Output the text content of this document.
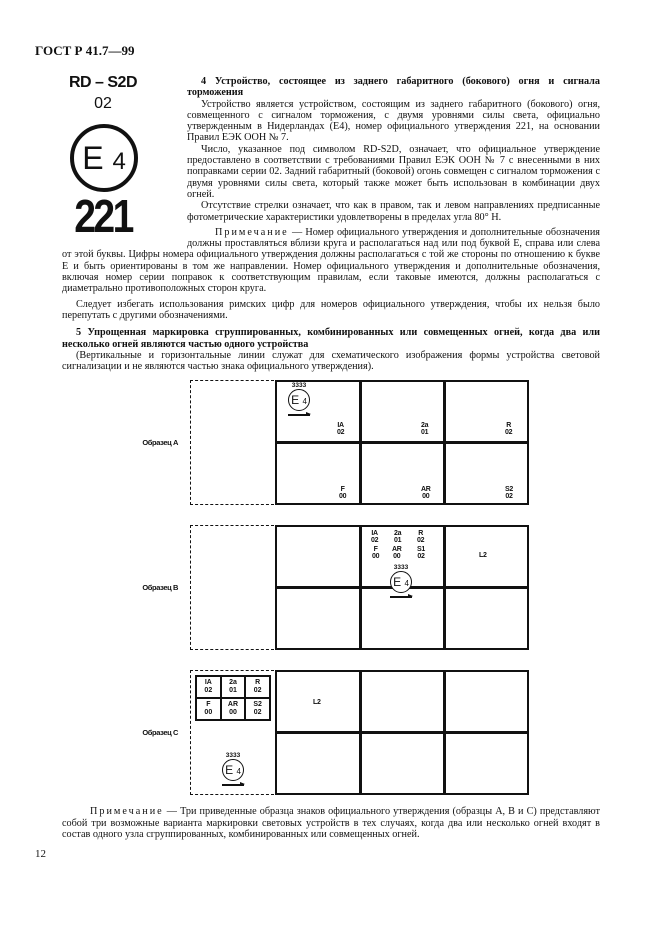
ГОСТ Р 41.7—99
RD – S2D
02
E 4
221
4 Устройство, состоящее из заднего габаритного (бокового) огня и сигнала торможения

Устройство является устройством, состоящим из заднего габаритного (бокового) огня, совмещенного с сигналом торможения, с двумя уровнями силы света, официально утвержденным в Нидерландах (E4), номер официального утверждения 221, на основании Правил ЕЭК ООН № 7.

Число, указанное под символом RD-S2D, означает, что официальное утверждение предоставлено в соответствии с требованиями Правил ЕЭК ООН № 7 с внесенными в них поправками серии 02. Задний габаритный (боковой) огонь совмещен с сигналом торможения с двумя уровнями силы света, который также может быть использован в комбинации двух огней.

Отсутствие стрелки означает, что как в правом, так и левом направлениях предписанные фотометрические характеристики удовлетворены в пределах угла 80° H.

Примечание — Номер официального утверждения и дополнительные обозначения должны проставляться вблизи круга и располагаться над или под буквой E, справа или слева от этой буквы. Цифры номера официального утверждения должны располагаться с той же стороны по отношению к букве E и быть ориентированы в том же направлении. Номер официального утверждения и дополнительные обозначения, включая номер серии поправок к соответствующим правилам, если таковые имеются, должны располагаться с диаметрально противоположных сторон круга.

Следует избегать использования римских цифр для номеров официального утверждения, чтобы их нельзя было перепутать с другими обозначениями.

5 Упрощенная маркировка сгруппированных, комбинированных или совмещенных огней, когда два или несколько огней являются частью одного устройства

(Вертикальные и горизонтальные линии служат для схематического изображения формы устройства световой сигнализации и не являются частью знака официального утверждения).

Образец А
3333
E 4
IA
02
2a
01
R
02
F
00
AR
00
S2
02
Образец В
IA
02
2a
01
R
02
F
00
AR
00
S1
02	L2
3333
E 4
Образец С
IA
02
2a
01
R
02
F
00
AR
00
S2
02
3333
E 4
L2
Примечание — Три приведенные образца знаков официального утверждения (образцы А, В и С) представляют собой три возможные варианта маркировки световых устройств в тех случаях, когда два или несколько огней входят в состав одного узла сгруппированных, комбинированных или совмещенных огней.
12
